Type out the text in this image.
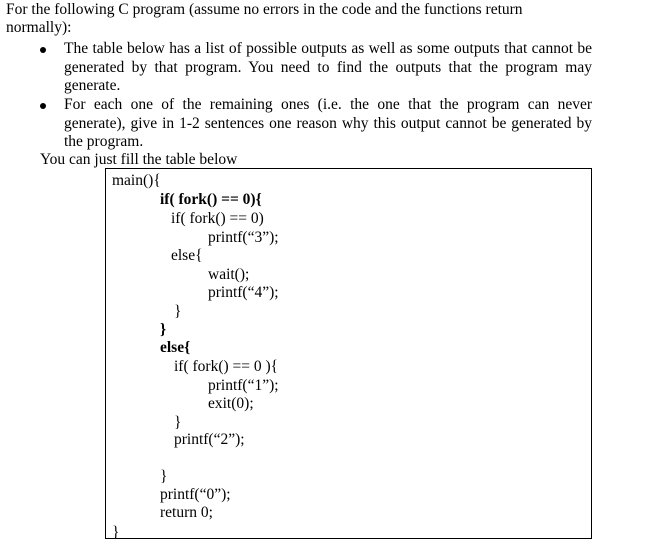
For the following C program (assume no errors in the code and the functions return
normally):
The table below has a list of possible outputs as well as some outputs that cannot be generated by that program. You need to find the outputs that the program may generate.
For each one of the remaining ones (i.e. the one that the program can never generate), give in 1-2 sentences one reason why this output cannot be generated by the program.
You can just fill the table below
main(){
if( fork() == 0){
if( fork() == 0)
printf(“3”);
else{
wait();
printf(“4”);
}
}
else{
if( fork() == 0 ){
printf(“1”);
exit(0);
}
printf(“2”);
}
printf(“0”);
return 0;
}
